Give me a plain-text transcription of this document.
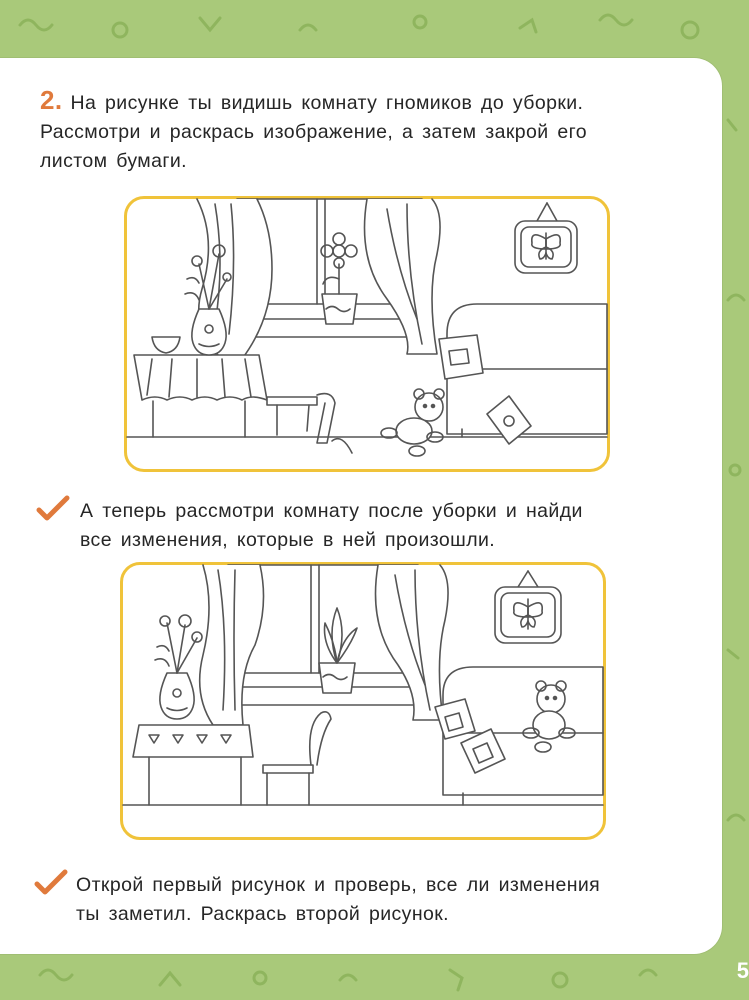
2. На рисунке ты видишь комнату гномиков до уборки.
Рассмотри и раскрась изображение, а затем закрой его
листом бумаги.
А теперь рассмотри комнату после уборки и найди
все изменения, которые в ней произошли.
Открой первый рисунок и проверь, все ли изменения
ты заметил. Раскрась второй рисунок.
5
